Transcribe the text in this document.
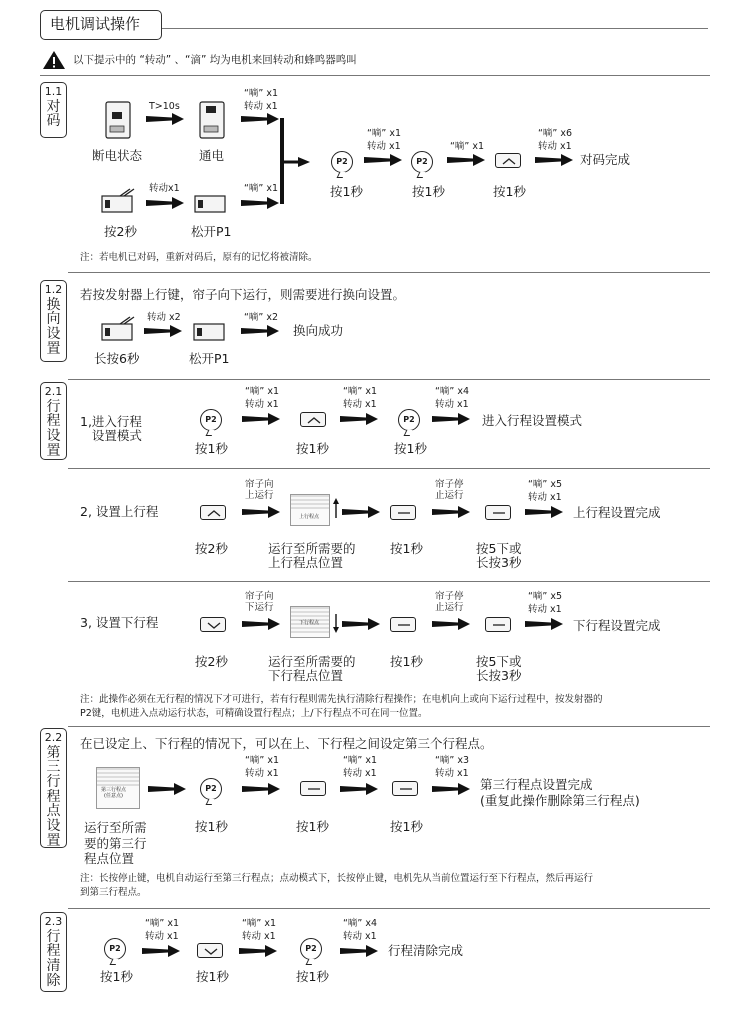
电机调试操作
以下提示中的 “转动” 、“滴” 均为电机来回转动和蜂鸣器鸣叫
1.1
对
码
断电状态
T>10s
通电
“嘀” x1
转动 x1
按2秒
转动x1
松开P1
“嘀” x1
P2
按1秒
“嘀” x1
转动 x1
P2
按1秒
“嘀” x1
按1秒
“嘀” x6
转动 x1
对码完成
注：若电机已对码，重新对码后，原有的记忆将被清除。
1.2
换
向
设
置
若按发射器上行键，帘子向下运行，则需要进行换向设置。
长按6秒
转动 x2
松开P1
“嘀” x2
换向成功
2.1
行
程
设
置
1,进入行程
设置模式
P2
按1秒
“嘀” x1
转动 x1
按1秒
“嘀” x1
转动 x1
P2
按1秒
“嘀” x4
转动 x1
进入行程设置模式
2, 设置上行程
按2秒
帘子向
上运行
上行程点
运行至所需要的
上行程点位置
按1秒
帘子停
止运行
按5下或
长按3秒
“嘀” x5
转动 x1
上行程设置完成
3, 设置下行程
按2秒
帘子向
下运行
下行程点
运行至所需要的
下行程点位置
按1秒
帘子停
止运行
按5下或
长按3秒
“嘀” x5
转动 x1
下行程设置完成
注：此操作必须在无行程的情况下才可进行，若有行程则需先执行清除行程操作；在电机向上或向下运行过程中，按发射器的
P2键，电机进入点动运行状态，可精确设置行程点；上/下行程点不可在同一位置。
2.2
第
三
行
程
点
设
置
在已设定上、下行程的情况下，可以在上、下行程之间设定第三个行程点。
第三行程点
(任意点)
运行至所需
要的第三行
程点位置
P2
按1秒
“嘀” x1
转动 x1
按1秒
“嘀” x1
转动 x1
按1秒
“嘀” x3
转动 x1
第三行程点设置完成
(重复此操作删除第三行程点)
注：长按停止键，电机自动运行至第三行程点；点动模式下，长按停止键，电机先从当前位置运行至下行程点，然后再运行
到第三行程点。
2.3
行
程
清
除
P2
按1秒
“嘀” x1
转动 x1
按1秒
“嘀” x1
转动 x1
P2
按1秒
“嘀” x4
转动 x1
行程清除完成
